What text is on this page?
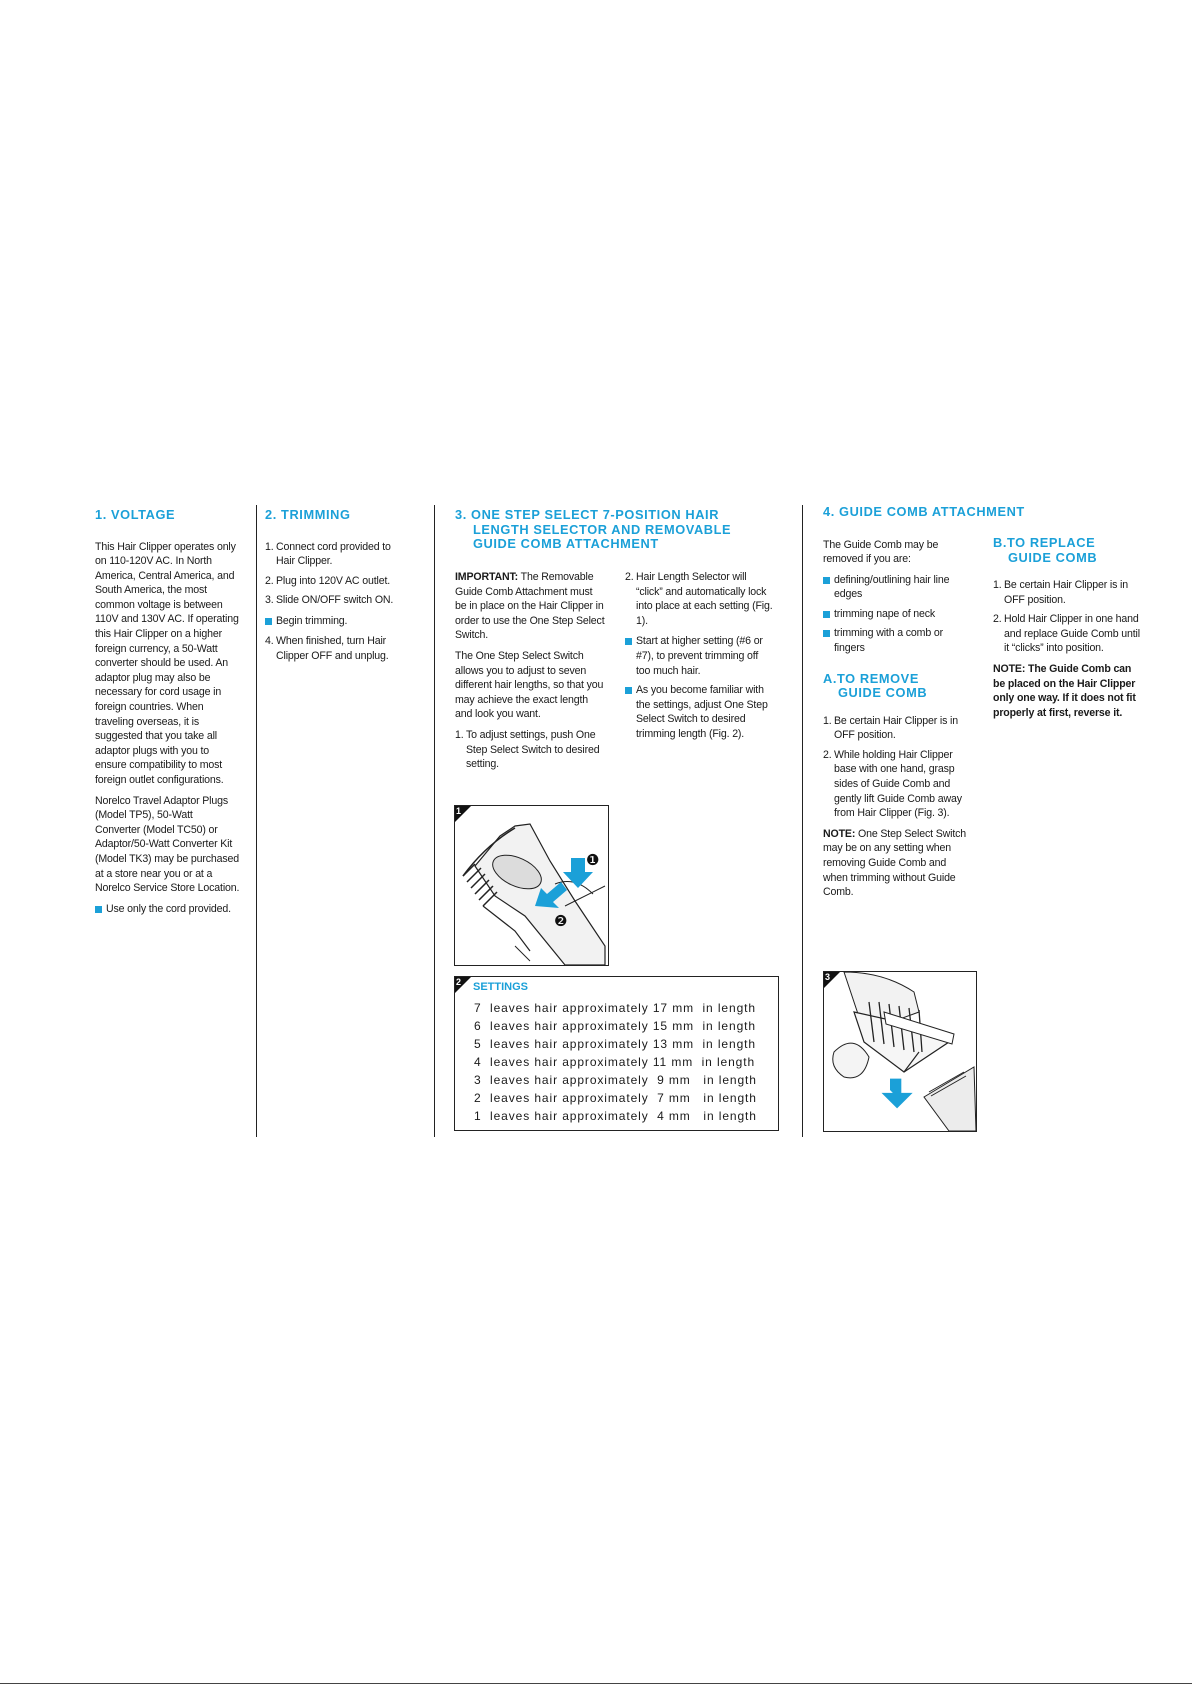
1. VOLTAGE

This Hair Clipper operates only on 110-120V AC. In North America, Central America, and South America, the most common voltage is between 110V and 130V AC. If operating this Hair Clipper on a higher foreign currency, a 50-Watt converter should be used. An adaptor plug may also be necessary for cord usage in foreign countries. When traveling overseas, it is suggested that you take all adaptor plugs with you to ensure compatibility to most foreign outlet configurations.

Norelco Travel Adaptor Plugs (Model TP5), 50-Watt Converter (Model TC50) or Adaptor/50-Watt Converter Kit (Model TK3) may be purchased at a store near you or at a Norelco Service Store Location.

Use only the cord provided.
2. TRIMMING
1. Connect cord provided to Hair Clipper.
2. Plug into 120V AC outlet.
3. Slide ON/OFF switch ON.
Begin trimming.
4. When finished, turn Hair Clipper OFF and unplug.
3. ONE STEP SELECT 7-POSITION HAIR
LENGTH SELECTOR AND REMOVABLE
GUIDE COMB ATTACHMENT

IMPORTANT: The Removable Guide Comb Attachment must be in place on the Hair Clipper in order to use the One Step Select Switch.

The One Step Select Switch allows you to adjust to seven different hair lengths, so that you may achieve the exact length and look you want.

1. To adjust settings, push One Step Select Switch to desired setting.
2. Hair Length Selector will “click” and automatically lock into place at each setting (Fig. 1).
Start at higher setting (#6 or #7), to prevent trimming off too much hair.
As you become familiar with the settings, adjust One Step Select Switch to desired trimming length (Fig. 2).
1
❶
❷
2 SETTINGS
7  leaves hair approximately 17 mm  in length
6  leaves hair approximately 15 mm  in length
5  leaves hair approximately 13 mm  in length
4  leaves hair approximately 11 mm  in length
3  leaves hair approximately  9 mm   in length
2  leaves hair approximately  7 mm   in length
1  leaves hair approximately  4 mm   in length
4. GUIDE COMB ATTACHMENT

The Guide Comb may be removed if you are:

defining/outlining hair line edges
trimming nape of neck
trimming with a comb or fingers
A.TO REMOVE
GUIDE COMB
1. Be certain Hair Clipper is in OFF position.
2. While holding Hair Clipper base with one hand, grasp sides of Guide Comb and gently lift Guide Comb away from Hair Clipper (Fig. 3).

NOTE: One Step Select Switch may be on any setting when removing Guide Comb and when trimming without Guide Comb.

3
B.TO REPLACE
GUIDE COMB
1. Be certain Hair Clipper is in OFF position.
2. Hold Hair Clipper in one hand and replace Guide Comb until it “clicks” into position.

NOTE: The Guide Comb can be placed on the Hair Clipper only one way. If it does not fit properly at first, reverse it.
